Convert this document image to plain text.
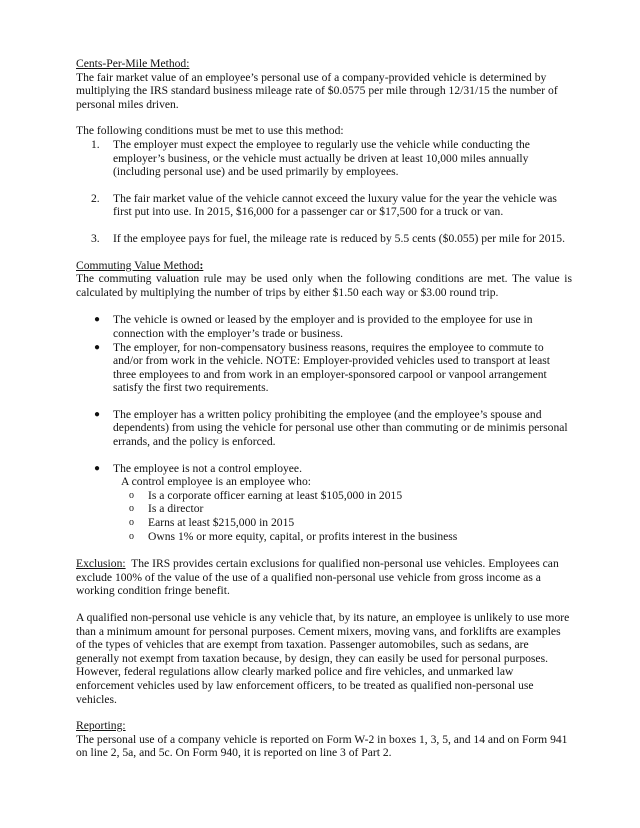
Cents-Per-Mile Method:

The fair market value of an employee’s personal use of a company-provided vehicle is determined by multiplying the IRS standard business mileage rate of $0.0575 per mile through 12/31/15 the number of personal miles driven.

The following conditions must be met to use this method:

1. The employer must expect the employee to regularly use the vehicle while conducting the employer’s business, or the vehicle must actually be driven at least 10,000 miles annually (including personal use) and be used primarily by employees.
2. The fair market value of the vehicle cannot exceed the luxury value for the year the vehicle was first put into use. In 2015, $16,000 for a passenger car or $17,500 for a truck or van.
3. If the employee pays for fuel, the mileage rate is reduced by 5.5 cents ($0.055) per mile for 2015.

Commuting Value Method:

The commuting valuation rule may be used only when the following conditions are met. The value is calculated by multiplying the number of trips by either $1.50 each way or $3.00 round trip.

● The vehicle is owned or leased by the employer and is provided to the employee for use in connection with the employer’s trade or business.
● The employer, for non-compensatory business reasons, requires the employee to commute to and/or from work in the vehicle. NOTE: Employer-provided vehicles used to transport at least three employees to and from work in an employer-sponsored carpool or vanpool arrangement satisfy the first two requirements.
● The employer has a written policy prohibiting the employee (and the employee’s spouse and dependents) from using the vehicle for personal use other than commuting or de minimis personal errands, and the policy is enforced.
● The employee is not a control employee.

A control employee is an employee who:

o Is a corporate officer earning at least $105,000 in 2015
o Is a director
o Earns at least $215,000 in 2015
o Owns 1% or more equity, capital, or profits interest in the business

Exclusion:  The IRS provides certain exclusions for qualified non-personal use vehicles. Employees can exclude 100% of the value of the use of a qualified non-personal use vehicle from gross income as a working condition fringe benefit.

A qualified non-personal use vehicle is any vehicle that, by its nature, an employee is unlikely to use more than a minimum amount for personal purposes. Cement mixers, moving vans, and forklifts are examples of the types of vehicles that are exempt from taxation. Passenger automobiles, such as sedans, are generally not exempt from taxation because, by design, they can easily be used for personal purposes. However, federal regulations allow clearly marked police and fire vehicles, and unmarked law enforcement vehicles used by law enforcement officers, to be treated as qualified non-personal use vehicles.

Reporting:

The personal use of a company vehicle is reported on Form W-2 in boxes 1, 3, 5, and 14 and on Form 941 on line 2, 5a, and 5c. On Form 940, it is reported on line 3 of Part 2.
